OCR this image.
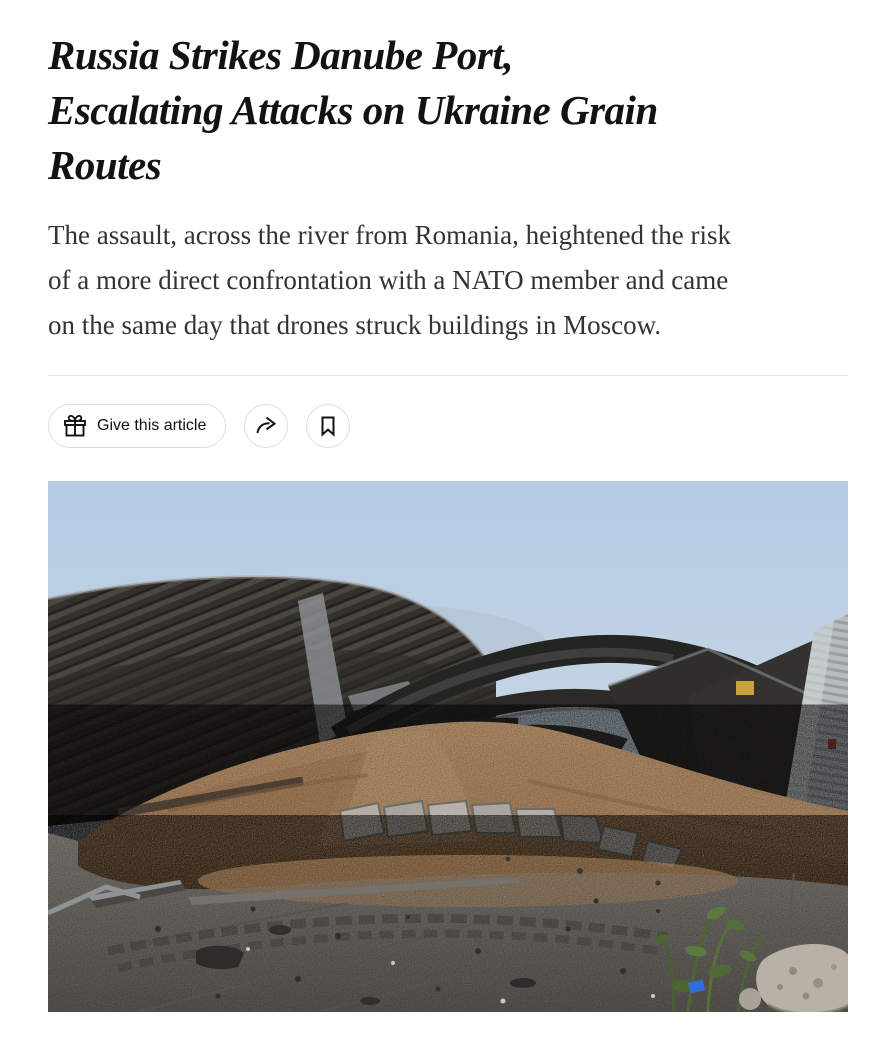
Russia Strikes Danube Port,
Escalating Attacks on Ukraine Grain
Routes

The assault, across the river from Romania, heightened the risk
of a more direct confrontation with a NATO member and came
on the same day that drones struck buildings in Moscow.

Give this article
